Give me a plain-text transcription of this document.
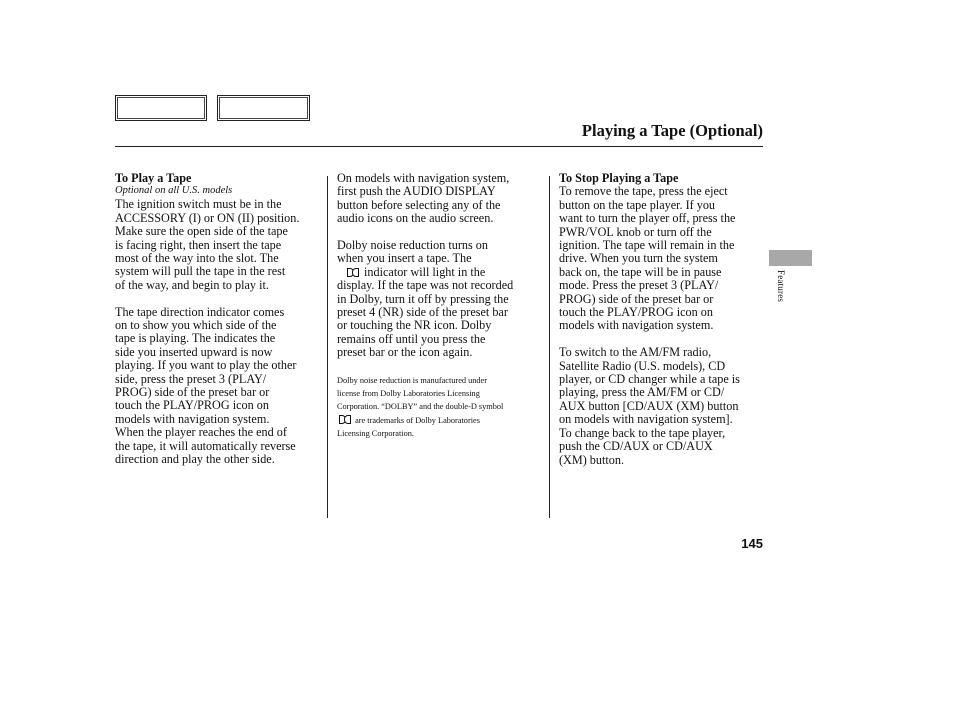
Playing a Tape (Optional)

To Play a Tape

Optional on all U.S. models

The ignition switch must be in the
ACCESSORY (I) or ON (II) position.
Make sure the open side of the tape
is facing right, then insert the tape
most of the way into the slot. The
system will pull the tape in the rest
of the way, and begin to play it.

The tape direction indicator comes
on to show you which side of the
tape is playing. The indicates the
side you inserted upward is now
playing. If you want to play the other
side, press the preset 3 (PLAY/
PROG) side of the preset bar or
touch the PLAY/PROG icon on
models with navigation system.
When the player reaches the end of
the tape, it will automatically reverse
direction and play the other side.

On models with navigation system,
first push the AUDIO DISPLAY
button before selecting any of the
audio icons on the audio screen.

Dolby noise reduction turns on
when you insert a tape. The
indicator will light in the
display. If the tape was not recorded
in Dolby, turn it off by pressing the
preset 4 (NR) side of the preset bar
or touching the NR icon. Dolby
remains off until you press the
preset bar or the icon again.

Dolby noise reduction is manufactured under
license from Dolby Laboratories Licensing
Corporation. “DOLBY” and the double-D symbol
are trademarks of Dolby Laboratories
Licensing Corporation.

To Stop Playing a Tape

To remove the tape, press the eject
button on the tape player. If you
want to turn the player off, press the
PWR/VOL knob or turn off the
ignition. The tape will remain in the
drive. When you turn the system
back on, the tape will be in pause
mode. Press the preset 3 (PLAY/
PROG) side of the preset bar or
touch the PLAY/PROG icon on
models with navigation system.

To switch to the AM/FM radio,
Satellite Radio (U.S. models), CD
player, or CD changer while a tape is
playing, press the AM/FM or CD/
AUX button [CD/AUX (XM) button
on models with navigation system].
To change back to the tape player,
push the CD/AUX or CD/AUX
(XM) button.

Features
145
